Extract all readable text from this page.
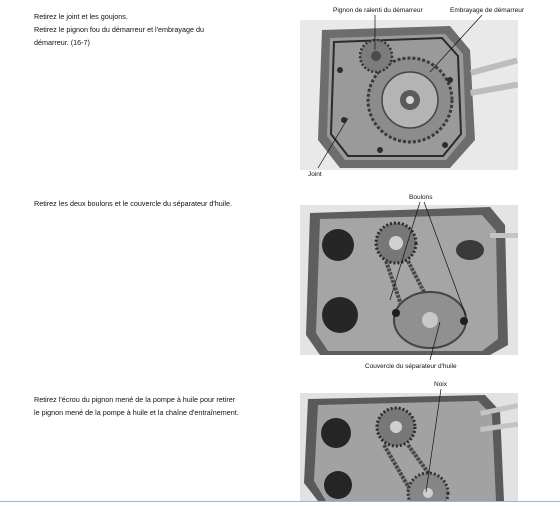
Retirez le joint et les goujons.
Retirez le pignon fou du démarreur et l'embrayage du
démarreur. (16-7)
Pignon de ralenti du démarreur	Embrayage de démarreur
Joint
Retirez les deux boulons et le couvercle du séparateur d'huile.
Boulons
Couvercle du séparateur d'huile
Retirez l'écrou du pignon mené de la pompe à huile pour retirer
le pignon mené de la pompe à huile et la chaîne d'entraînement.
Noix
